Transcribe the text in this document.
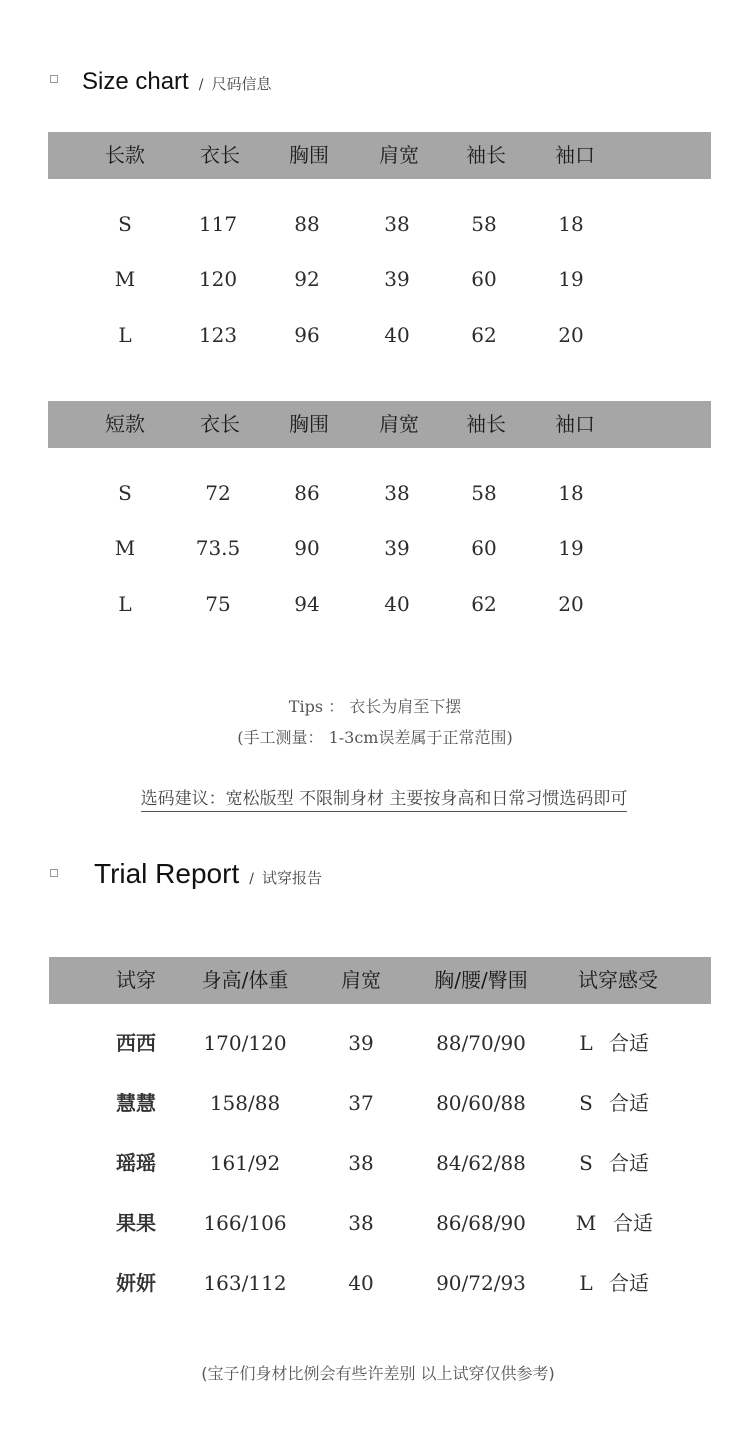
Size chart / 尺码信息
长款	衣长 胸围	肩宽 袖长 袖口
S	117	88	38	58	18
M	120	92	39	60	19
L	123	96	40	62	20
短款	衣长 胸围	肩宽 袖长 袖口
S	72	86	38	58	18
M	73.5	90	39	60	19
L	75	94	40	62	20
Tips ： 衣长为肩至下摆
(手工测量： 1-3cm误差属于正常范围)
选码建议：宽松版型 不限制身材 主要按身高和日常习惯选码即可
Trial Report / 试穿报告
试穿	身高/体重	肩宽	胸/腰/臀围	试穿感受
西西	170/120	39	88/70/90	L 合适
慧慧	158/88	37	80/60/88	S 合适
瑶瑶	161/92	38	84/62/88	S 合适
果果	166/106	38	86/68/90	M 合适
妍妍	163/112	40	90/72/93	L 合适
(宝子们身材比例会有些许差别 以上试穿仅供参考)
